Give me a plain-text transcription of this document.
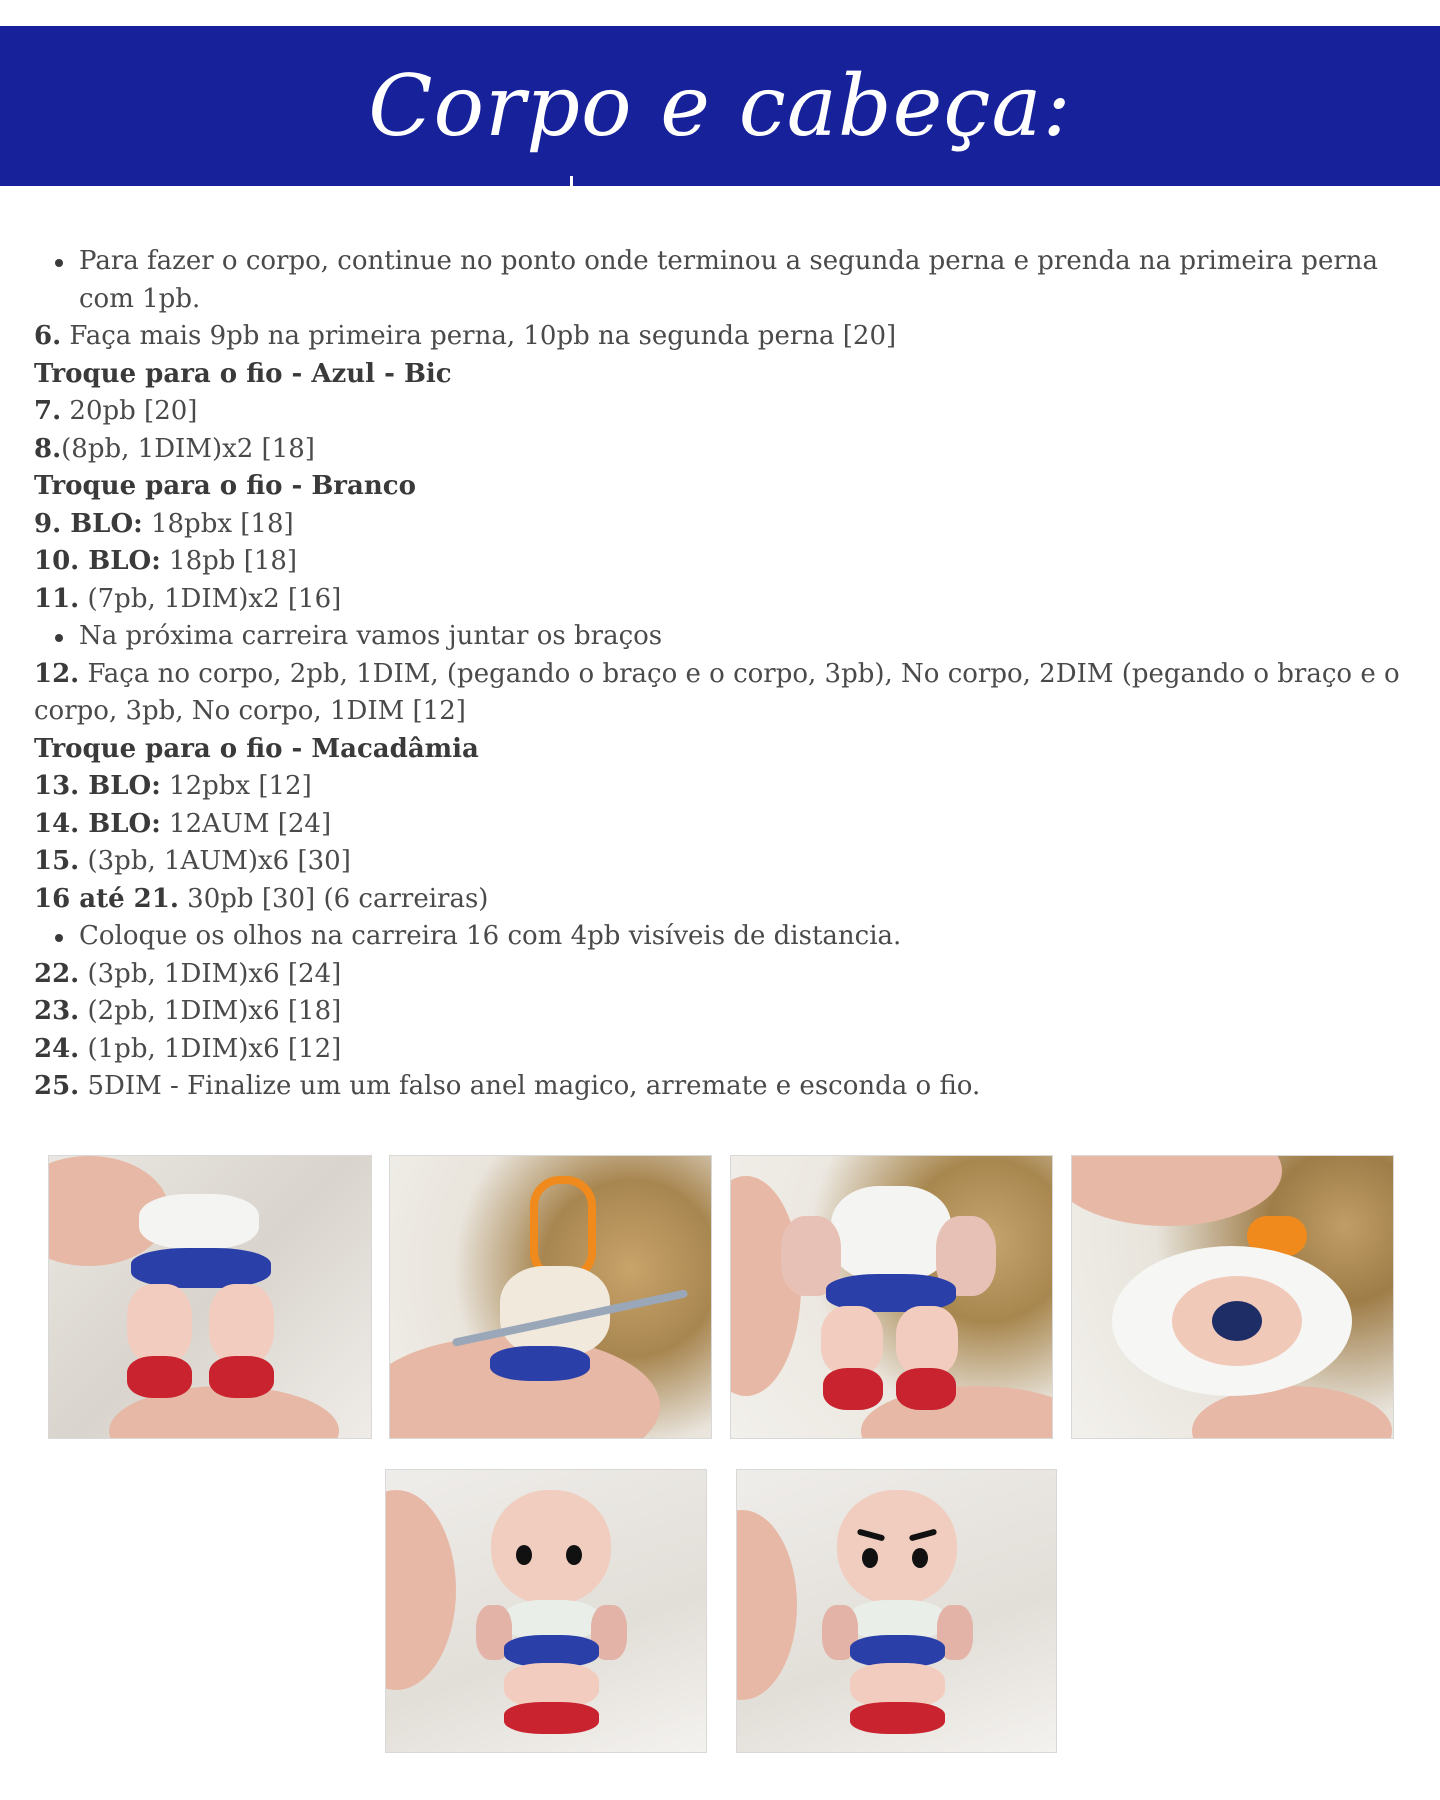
Corpo e cabeça:

Para fazer o corpo, continue no ponto onde terminou a segunda perna e prenda na primeira perna com 1pb.

6. Faça mais 9pb na primeira perna, 10pb na segunda perna [20]

Troque para o fio - Azul - Bic

7. 20pb [20]

8.(8pb, 1DIM)x2 [18]

Troque para o fio - Branco

9. BLO: 18pbx [18]

10. BLO: 18pb [18]

11. (7pb, 1DIM)x2 [16]

Na próxima carreira vamos juntar os braços

12. Faça no corpo, 2pb, 1DIM, (pegando o braço e o corpo, 3pb), No corpo, 2DIM (pegando o braço e o corpo, 3pb, No corpo, 1DIM [12]

Troque para o fio - Macadâmia

13. BLO: 12pbx [12]

14. BLO: 12AUM [24]

15. (3pb, 1AUM)x6 [30]

16 até 21. 30pb [30] (6 carreiras)

Coloque os olhos na carreira 16 com 4pb visíveis de distancia.

22. (3pb, 1DIM)x6 [24]

23. (2pb, 1DIM)x6 [18]

24. (1pb, 1DIM)x6 [12]

25. 5DIM - Finalize um um falso anel magico, arremate e esconda o fio.
